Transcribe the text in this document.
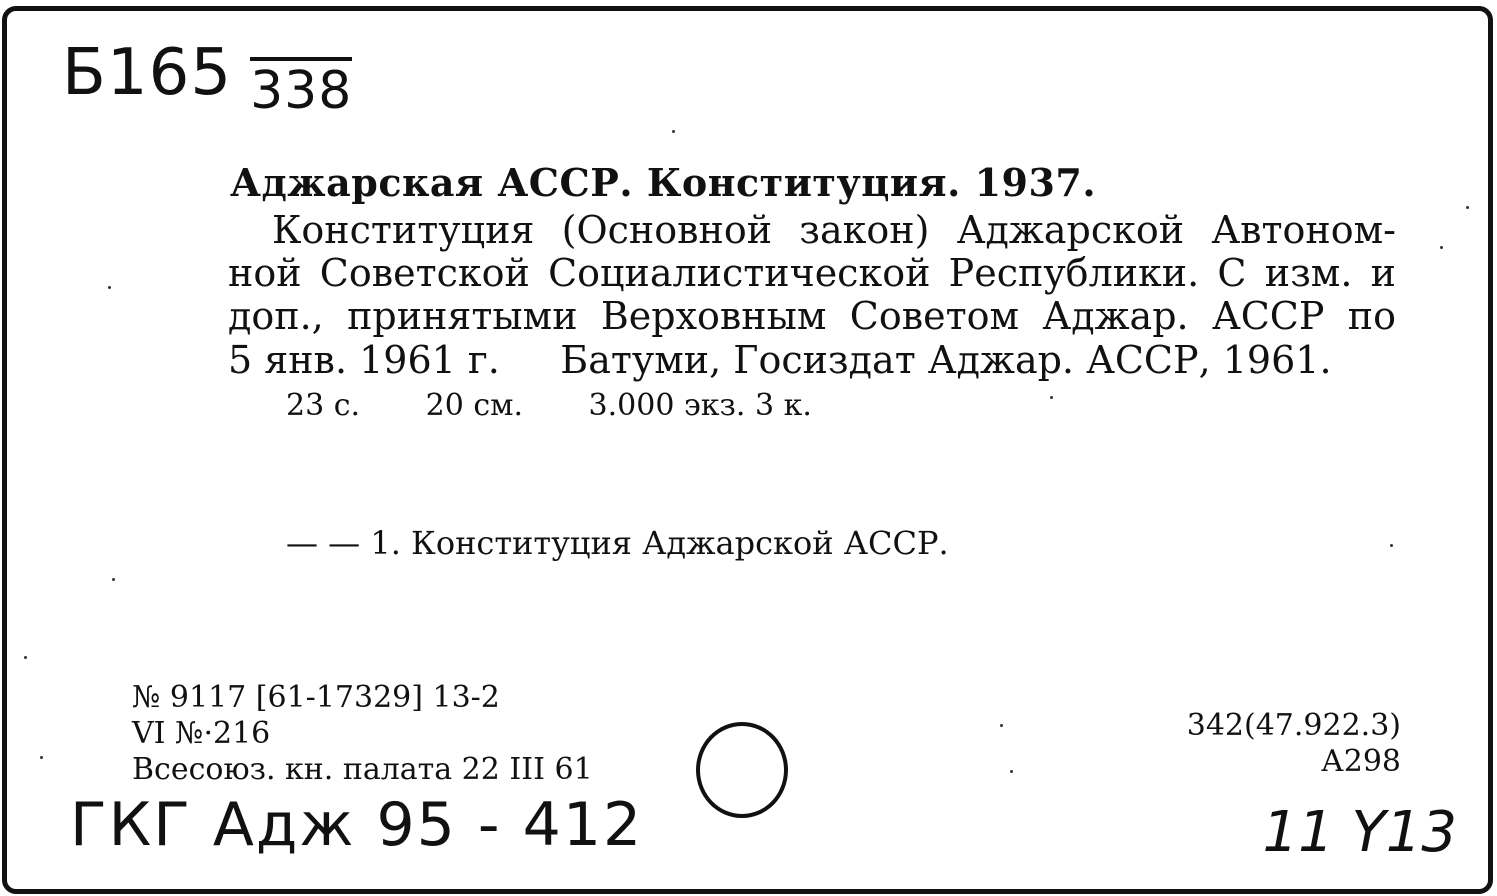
Б165 338
Аджарская АССР. Конституция. 1937.
Конституция (Основной закон) Аджарской Автоном-
ной Советской Социалистической Республики. С изм. и
доп., принятыми Верховным Советом Аджар. АССР по
5 янв. 1961 г.     Батуми, Госиздат Аджар. АССР, 1961.
23 с. 20 см. 3.000 экз. 3 к.
— — 1. Конституция Аджарской АССР.
№ 9117 [61-17329] 13-2
VI №·216
Всесоюз. кн. палата 22 III 61
342(47.922.3)
А298
ГКГ Адж 95 - 412	11 Y13
